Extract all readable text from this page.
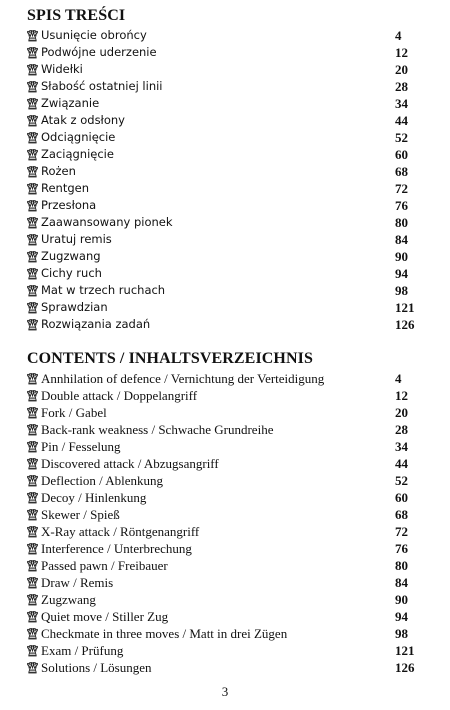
SPIS TREŚCI
Usunięcie obrońcy	4
Podwójne uderzenie	12
Widełki	20
Słabość ostatniej linii	28
Związanie	34
Atak z odsłony	44
Odciągnięcie	52
Zaciągnięcie	60
Rożen	68
Rentgen	72
Przesłona	76
Zaawansowany pionek	80
Uratuj remis	84
Zugzwang	90
Cichy ruch	94
Mat w trzech ruchach	98
Sprawdzian	121
Rozwiązania zadań	126
CONTENTS / INHALTSVERZEICHNIS
Annhilation of defence / Vernichtung der Verteidigung	4
Double attack / Doppelangriff	12
Fork / Gabel	20
Back-rank weakness / Schwache Grundreihe	28
Pin / Fesselung	34
Discovered attack / Abzugsangriff	44
Deflection / Ablenkung	52
Decoy / Hinlenkung	60
Skewer / Spieß	68
X-Ray attack / Röntgenangriff	72
Interference / Unterbrechung	76
Passed pawn / Freibauer	80
Draw / Remis	84
Zugzwang	90
Quiet move / Stiller Zug	94
Checkmate in three moves / Matt in drei Zügen	98
Exam / Prüfung	121
Solutions / Lösungen	126
3
